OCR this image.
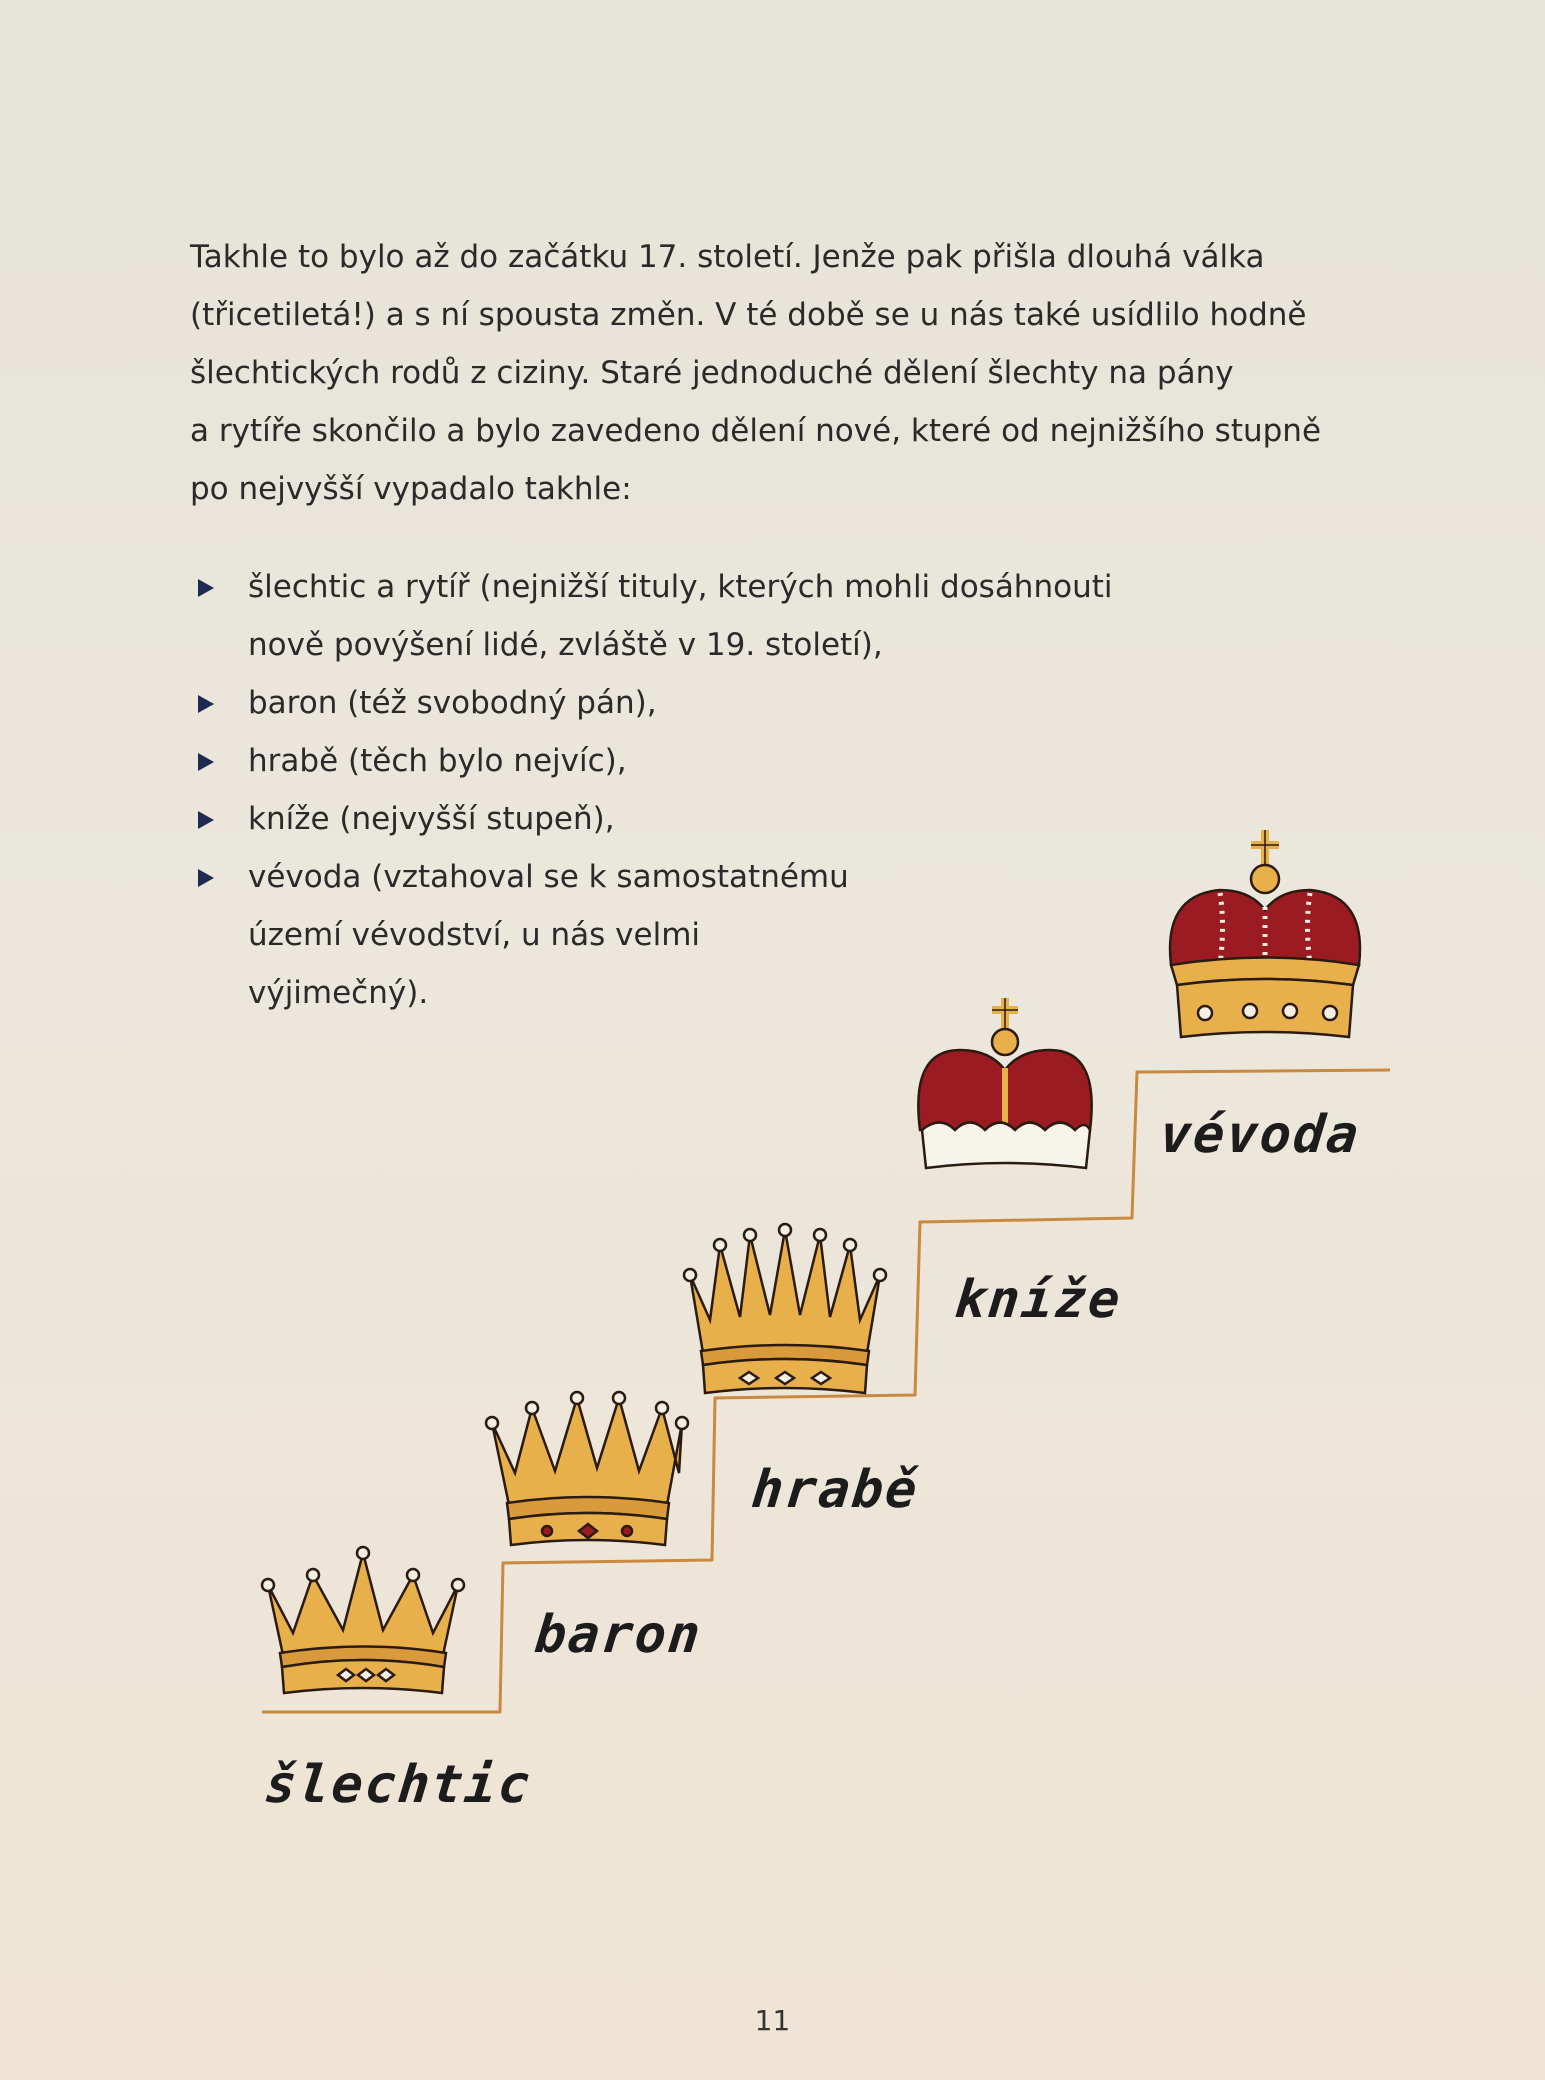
Takhle to bylo až do začátku 17. století. Jenže pak přišla dlouhá válka
(třicetiletá!) a s ní spousta změn. V té době se u nás také usídlilo hodně
šlechtických rodů z ciziny. Staré jednoduché dělení šlechty na pány
a rytíře skončilo a bylo zavedeno dělení nové, které od nejnižšího stupně
po nejvyšší vypadalo takhle:

šlechtic a rytíř (nejnižší tituly, kterých mohli dosáhnouti
nově povýšení lidé, zvláště v 19. století),
baron (též svobodný pán),
hrabě (těch bylo nejvíc),
kníže (nejvyšší stupeň),
vévoda (vztahoval se k samostatnému
území vévodství, u nás velmi
výjimečný).
šlechtic
baron
hrabě
kníže
vévoda
11
